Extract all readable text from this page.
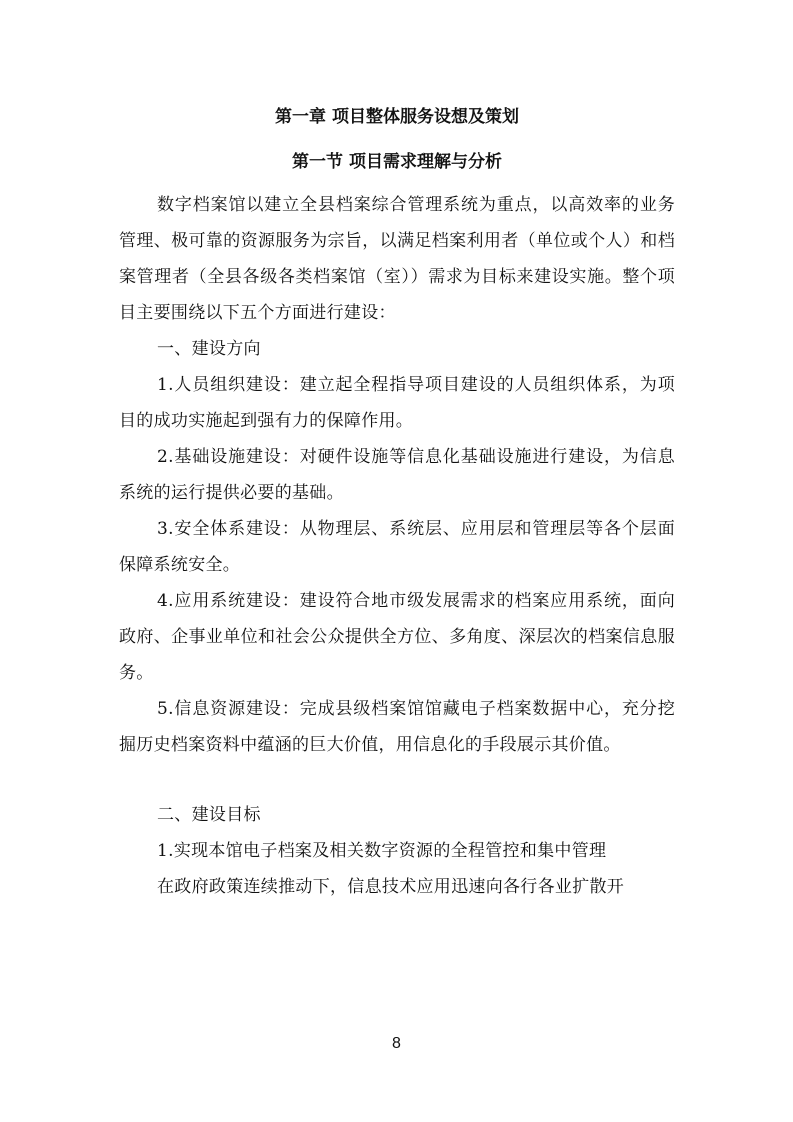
第一章 项目整体服务设想及策划
第一节 项目需求理解与分析

数字档案馆以建立全县档案综合管理系统为重点，以高效率的业务管理、极可靠的资源服务为宗旨，以满足档案利用者（单位或个人）和档案管理者（全县各级各类档案馆（室））需求为目标来建设实施。整个项目主要围绕以下五个方面进行建设：

一、建设方向

1.人员组织建设：建立起全程指导项目建设的人员组织体系，为项目的成功实施起到强有力的保障作用。

2.基础设施建设：对硬件设施等信息化基础设施进行建设，为信息系统的运行提供必要的基础。

3.安全体系建设：从物理层、系统层、应用层和管理层等各个层面保障系统安全。

4.应用系统建设：建设符合地市级发展需求的档案应用系统，面向政府、企事业单位和社会公众提供全方位、多角度、深层次的档案信息服务。

5.信息资源建设：完成县级档案馆馆藏电子档案数据中心，充分挖掘历史档案资料中蕴涵的巨大价值，用信息化的手段展示其价值。

二、建设目标

1.实现本馆电子档案及相关数字资源的全程管控和集中管理

在政府政策连续推动下，信息技术应用迅速向各行各业扩散开

8
